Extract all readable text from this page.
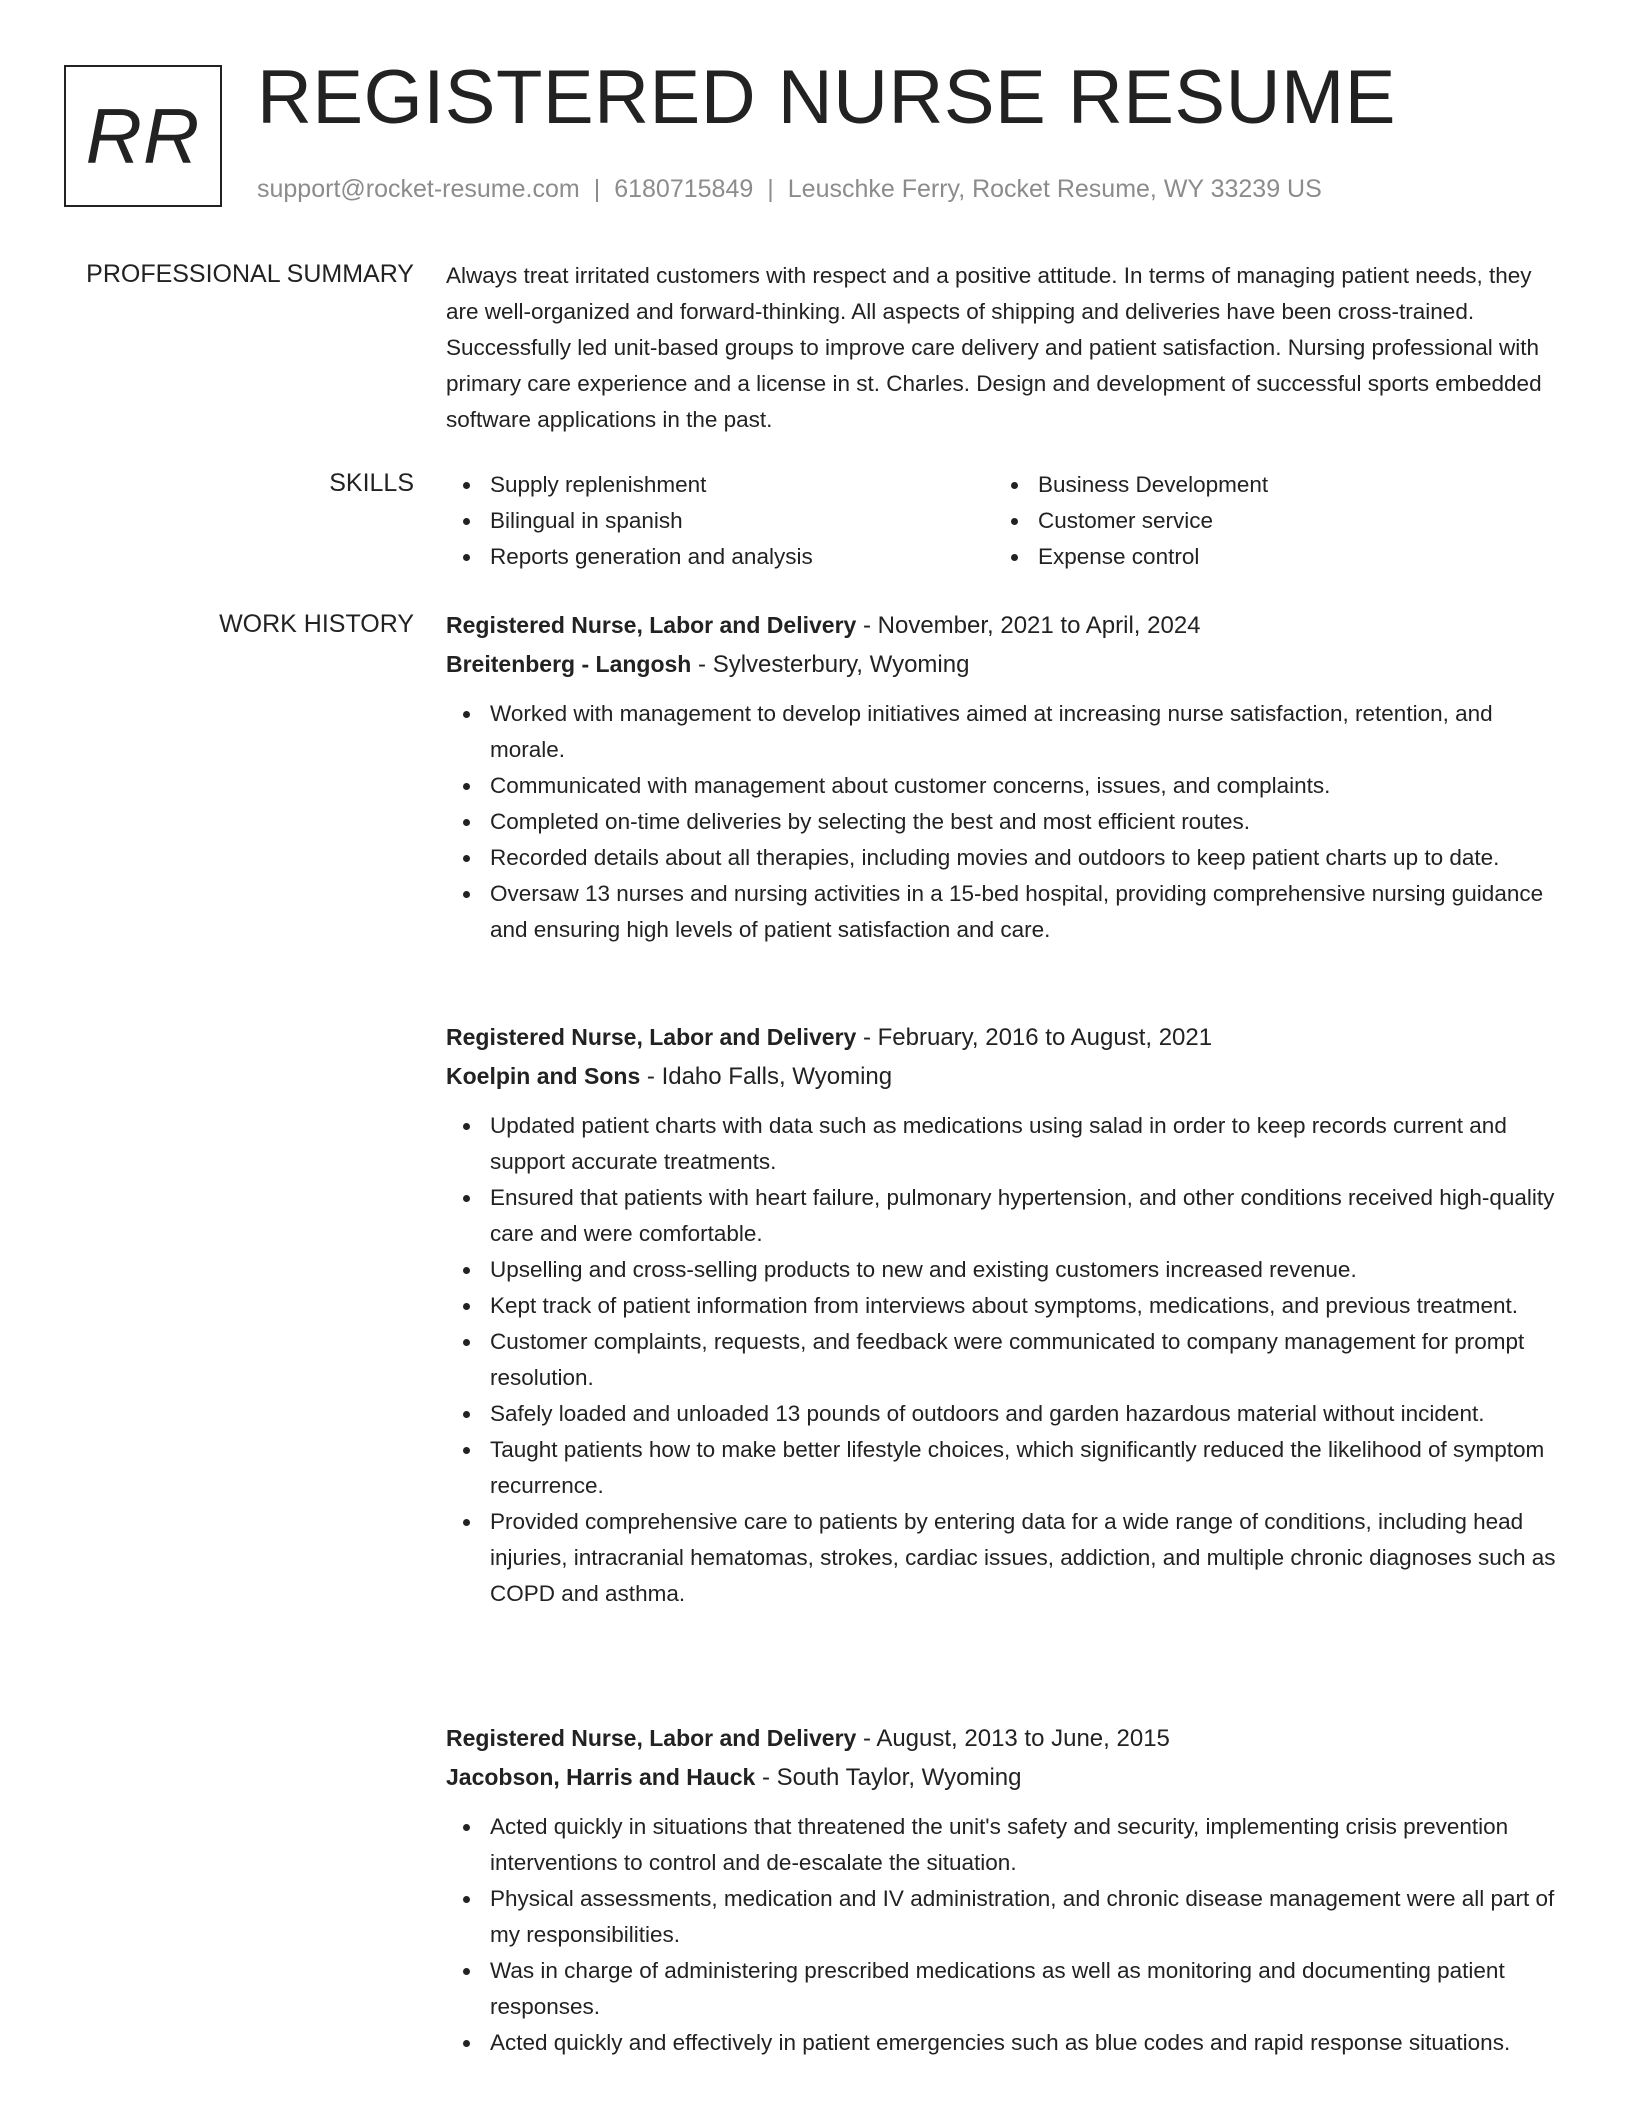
RR REGISTERED NURSE RESUME
support@rocket-resume.com | 6180715849 | Leuschke Ferry, Rocket Resume, WY 33239 US
PROFESSIONAL SUMMARY Always treat irritated customers with respect and a positive attitude. In terms of managing patient needs, they are well-organized and forward-thinking. All aspects of shipping and deliveries have been cross-trained. Successfully led unit-based groups to improve care delivery and patient satisfaction. Nursing professional with primary care experience and a license in st. Charles. Design and development of successful sports embedded software applications in the past.

SKILLS	Supply replenishment	Business Development
Bilingual in spanish	Customer service
Reports generation and analysis	Expense control
WORK HISTORY Registered Nurse, Labor and Delivery - November, 2021 to April, 2024
Breitenberg - Langosh - Sylvesterbury, Wyoming
Worked with management to develop initiatives aimed at increasing nurse satisfaction, retention, and morale.
Communicated with management about customer concerns, issues, and complaints.
Completed on-time deliveries by selecting the best and most efficient routes.
Recorded details about all therapies, including movies and outdoors to keep patient charts up to date.
Oversaw 13 nurses and nursing activities in a 15-bed hospital, providing comprehensive nursing guidance and ensuring high levels of patient satisfaction and care.
Registered Nurse, Labor and Delivery - February, 2016 to August, 2021
Koelpin and Sons - Idaho Falls, Wyoming
Updated patient charts with data such as medications using salad in order to keep records current and support accurate treatments.
Ensured that patients with heart failure, pulmonary hypertension, and other conditions received high-quality care and were comfortable.
Upselling and cross-selling products to new and existing customers increased revenue.
Kept track of patient information from interviews about symptoms, medications, and previous treatment.
Customer complaints, requests, and feedback were communicated to company management for prompt resolution.
Safely loaded and unloaded 13 pounds of outdoors and garden hazardous material without incident.
Taught patients how to make better lifestyle choices, which significantly reduced the likelihood of symptom recurrence.
Provided comprehensive care to patients by entering data for a wide range of conditions, including head injuries, intracranial hematomas, strokes, cardiac issues, addiction, and multiple chronic diagnoses such as COPD and asthma.
Registered Nurse, Labor and Delivery - August, 2013 to June, 2015
Jacobson, Harris and Hauck - South Taylor, Wyoming
Acted quickly in situations that threatened the unit's safety and security, implementing crisis prevention interventions to control and de-escalate the situation.
Physical assessments, medication and IV administration, and chronic disease management were all part of my responsibilities.
Was in charge of administering prescribed medications as well as monitoring and documenting patient responses.
Acted quickly and effectively in patient emergencies such as blue codes and rapid response situations.
